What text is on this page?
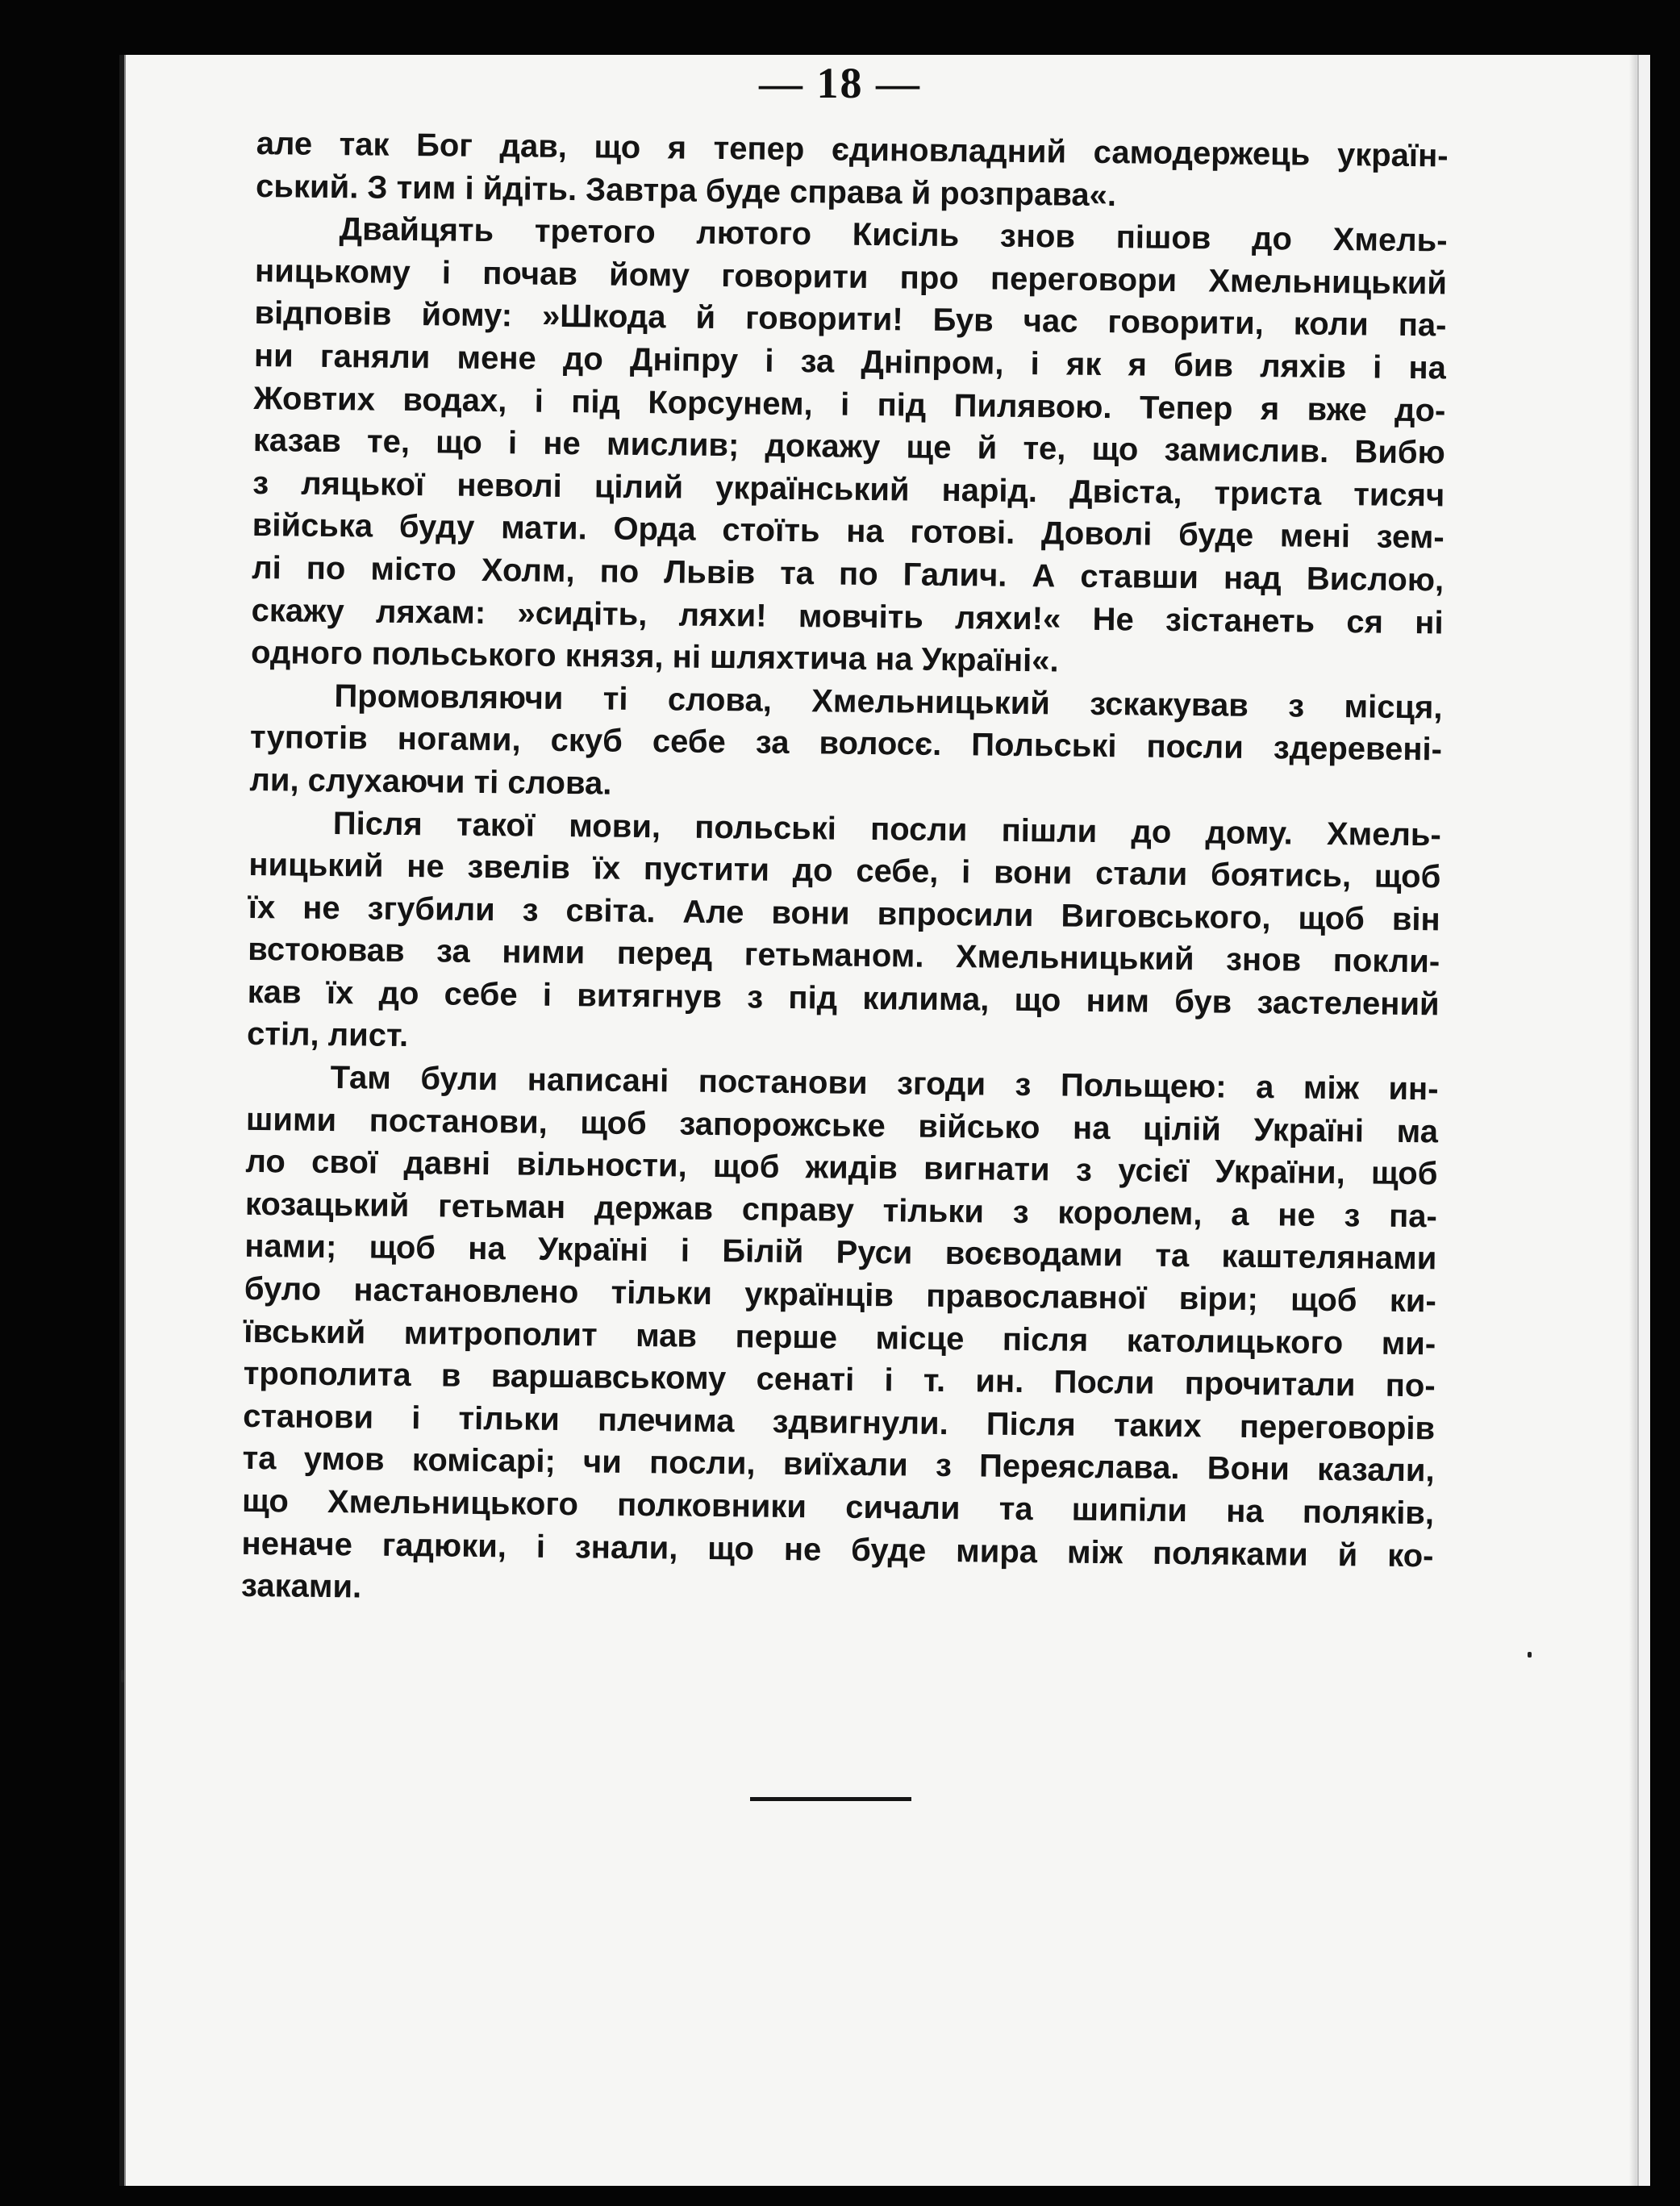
— 18 —
але так Бог дав, що я тепер єдиновладний самодержець україн-
ський. З тим і йдіть. Завтра буде справа й розправа«.
Двайцять третого лютого Кисіль знов пішов до Хмель-
ницькому і почав йому говорити про переговори Хмельницький
відповів йому: »Шкода й говорити! Був час говорити, коли па-
ни ганяли мене до Дніпру і за Дніпром, і як я бив ляхів і на
Жовтих водах, і під Корсунем, і під Пилявою. Тепер я вже до-
казав те, що і не мислив; докажу ще й те, що замислив. Вибю
з ляцької неволі цілий український нарід. Двіста, триста тисяч
війська буду мати. Орда стоїть на готові. Доволі буде мені зем-
лі по місто Холм, по Львів та по Галич. А ставши над Вислою,
скажу ляхам: »сидіть, ляхи! мовчіть ляхи!« Не зістанеть ся ні
одного польського князя, ні шляхтича на Україні«.
Промовляючи ті слова, Хмельницький зскакував з місця,
тупотів ногами, скуб себе за волосє. Польські посли здеревені-
ли, слухаючи ті слова.
Після такої мови, польські посли пішли до дому. Хмель-
ницький не звелів їх пустити до себе, і вони стали боятись, щоб
їх не згубили з світа. Але вони впросили Виговського, щоб він
встоював за ними перед гетьманом. Хмельницький знов покли-
кав їх до себе і витягнув з під килима, що ним був застелений
стіл, лист.
Там були написані постанови згоди з Польщею: а між ин-
шими постанови, щоб запорожське військо на цілій Україні ма
ло свої давні вільности, щоб жидів вигнати з усієї України, щоб
козацький гетьман держав справу тільки з королем, а не з па-
нами; щоб на Україні і Білій Руси воєводами та каштелянами
було настановлено тільки українців православної віри; щоб ки-
ївський митрополит мав перше місце після католицького ми-
трополита в варшавському сенаті і т. ин. Посли прочитали по-
станови і тільки плечима здвигнули. Після таких переговорів
та умов комісарі; чи посли, виїхали з Переяслава. Вони казали,
що Хмельницького полковники сичали та шипіли на поляків,
неначе гадюки, і знали, що не буде мира між поляками й ко-
заками.
